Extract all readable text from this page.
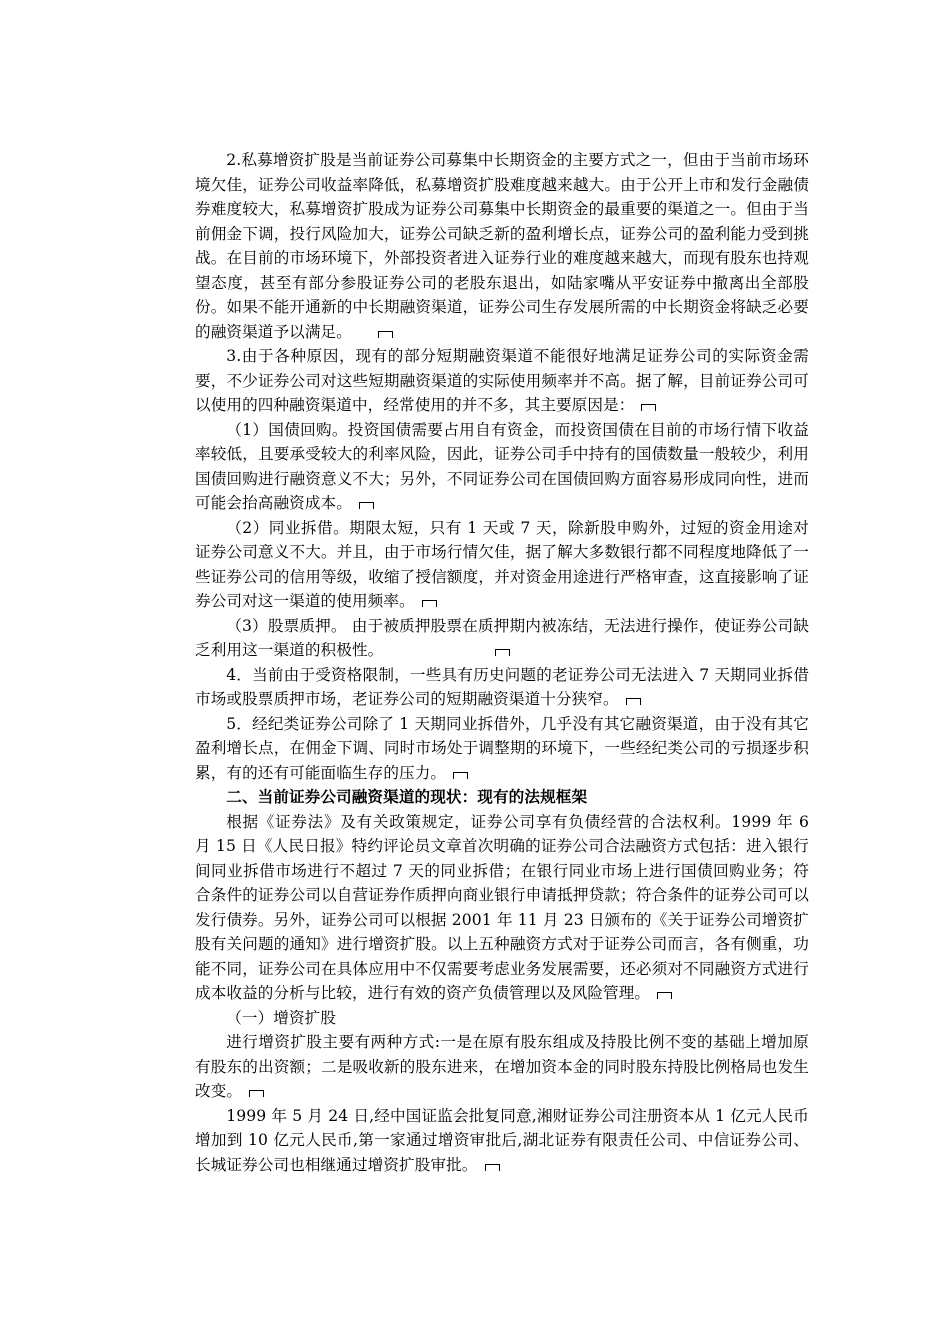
2.私募增资扩股是当前证券公司募集中长期资金的主要方式之一，但由于当前市场环境欠佳，证券公司收益率降低，私募增资扩股难度越来越大。由于公开上市和发行金融债券难度较大，私募增资扩股成为证券公司募集中长期资金的最重要的渠道之一。但由于当前佣金下调，投行风险加大，证券公司缺乏新的盈利增长点，证券公司的盈利能力受到挑战。在目前的市场环境下，外部投资者进入证券行业的难度越来越大，而现有股东也持观望态度，甚至有部分参股证券公司的老股东退出，如陆家嘴从平安证券中撤离出全部股份。如果不能开通新的中长期融资渠道，证券公司生存发展所需的中长期资金将缺乏必要的融资渠道予以满足。

3.由于各种原因，现有的部分短期融资渠道不能很好地满足证券公司的实际资金需要，不少证券公司对这些短期融资渠道的实际使用频率并不高。据了解，目前证券公司可以使用的四种融资渠道中，经常使用的并不多，其主要原因是：

（1）国债回购。投资国债需要占用自有资金，而投资国债在目前的市场行情下收益率较低，且要承受较大的利率风险，因此，证券公司手中持有的国债数量一般较少，利用国债回购进行融资意义不大；另外，不同证券公司在国债回购方面容易形成同向性，进而可能会抬高融资成本。

（2）同业拆借。期限太短，只有 1 天或 7 天，除新股申购外，过短的资金用途对证券公司意义不大。并且，由于市场行情欠佳，据了解大多数银行都不同程度地降低了一些证券公司的信用等级，收缩了授信额度，并对资金用途进行严格审查，这直接影响了证券公司对这一渠道的使用频率。

（3）股票质押。 由于被质押股票在质押期内被冻结，无法进行操作，使证券公司缺乏利用这一渠道的积极性。

4．当前由于受资格限制，一些具有历史问题的老证券公司无法进入 7 天期同业拆借市场或股票质押市场，老证券公司的短期融资渠道十分狭窄。

5．经纪类证券公司除了 1 天期同业拆借外，几乎没有其它融资渠道，由于没有其它盈利增长点，在佣金下调、同时市场处于调整期的环境下，一些经纪类公司的亏损逐步积累，有的还有可能面临生存的压力。

二、当前证券公司融资渠道的现状：现有的法规框架

根据《证券法》及有关政策规定，证券公司享有负债经营的合法权利。1999 年 6 月 15 日《人民日报》特约评论员文章首次明确的证券公司合法融资方式包括：进入银行间同业拆借市场进行不超过 7 天的同业拆借；在银行同业市场上进行国债回购业务；符合条件的证券公司以自营证券作质押向商业银行申请抵押贷款；符合条件的证券公司可以发行债券。另外，证券公司可以根据 2001 年 11 月 23 日颁布的《关于证券公司增资扩股有关问题的通知》进行增资扩股。以上五种融资方式对于证券公司而言，各有侧重，功能不同，证券公司在具体应用中不仅需要考虑业务发展需要，还必须对不同融资方式进行成本收益的分析与比较，进行有效的资产负债管理以及风险管理。

（一）增资扩股

进行增资扩股主要有两种方式:一是在原有股东组成及持股比例不变的基础上增加原有股东的出资额；二是吸收新的股东进来，在增加资本金的同时股东持股比例格局也发生改变。

1999 年 5 月 24 日,经中国证监会批复同意,湘财证券公司注册资本从 1 亿元人民币增加到 10 亿元人民币,第一家通过增资审批后,湖北证券有限责任公司、中信证券公司、长城证券公司也相继通过增资扩股审批。
